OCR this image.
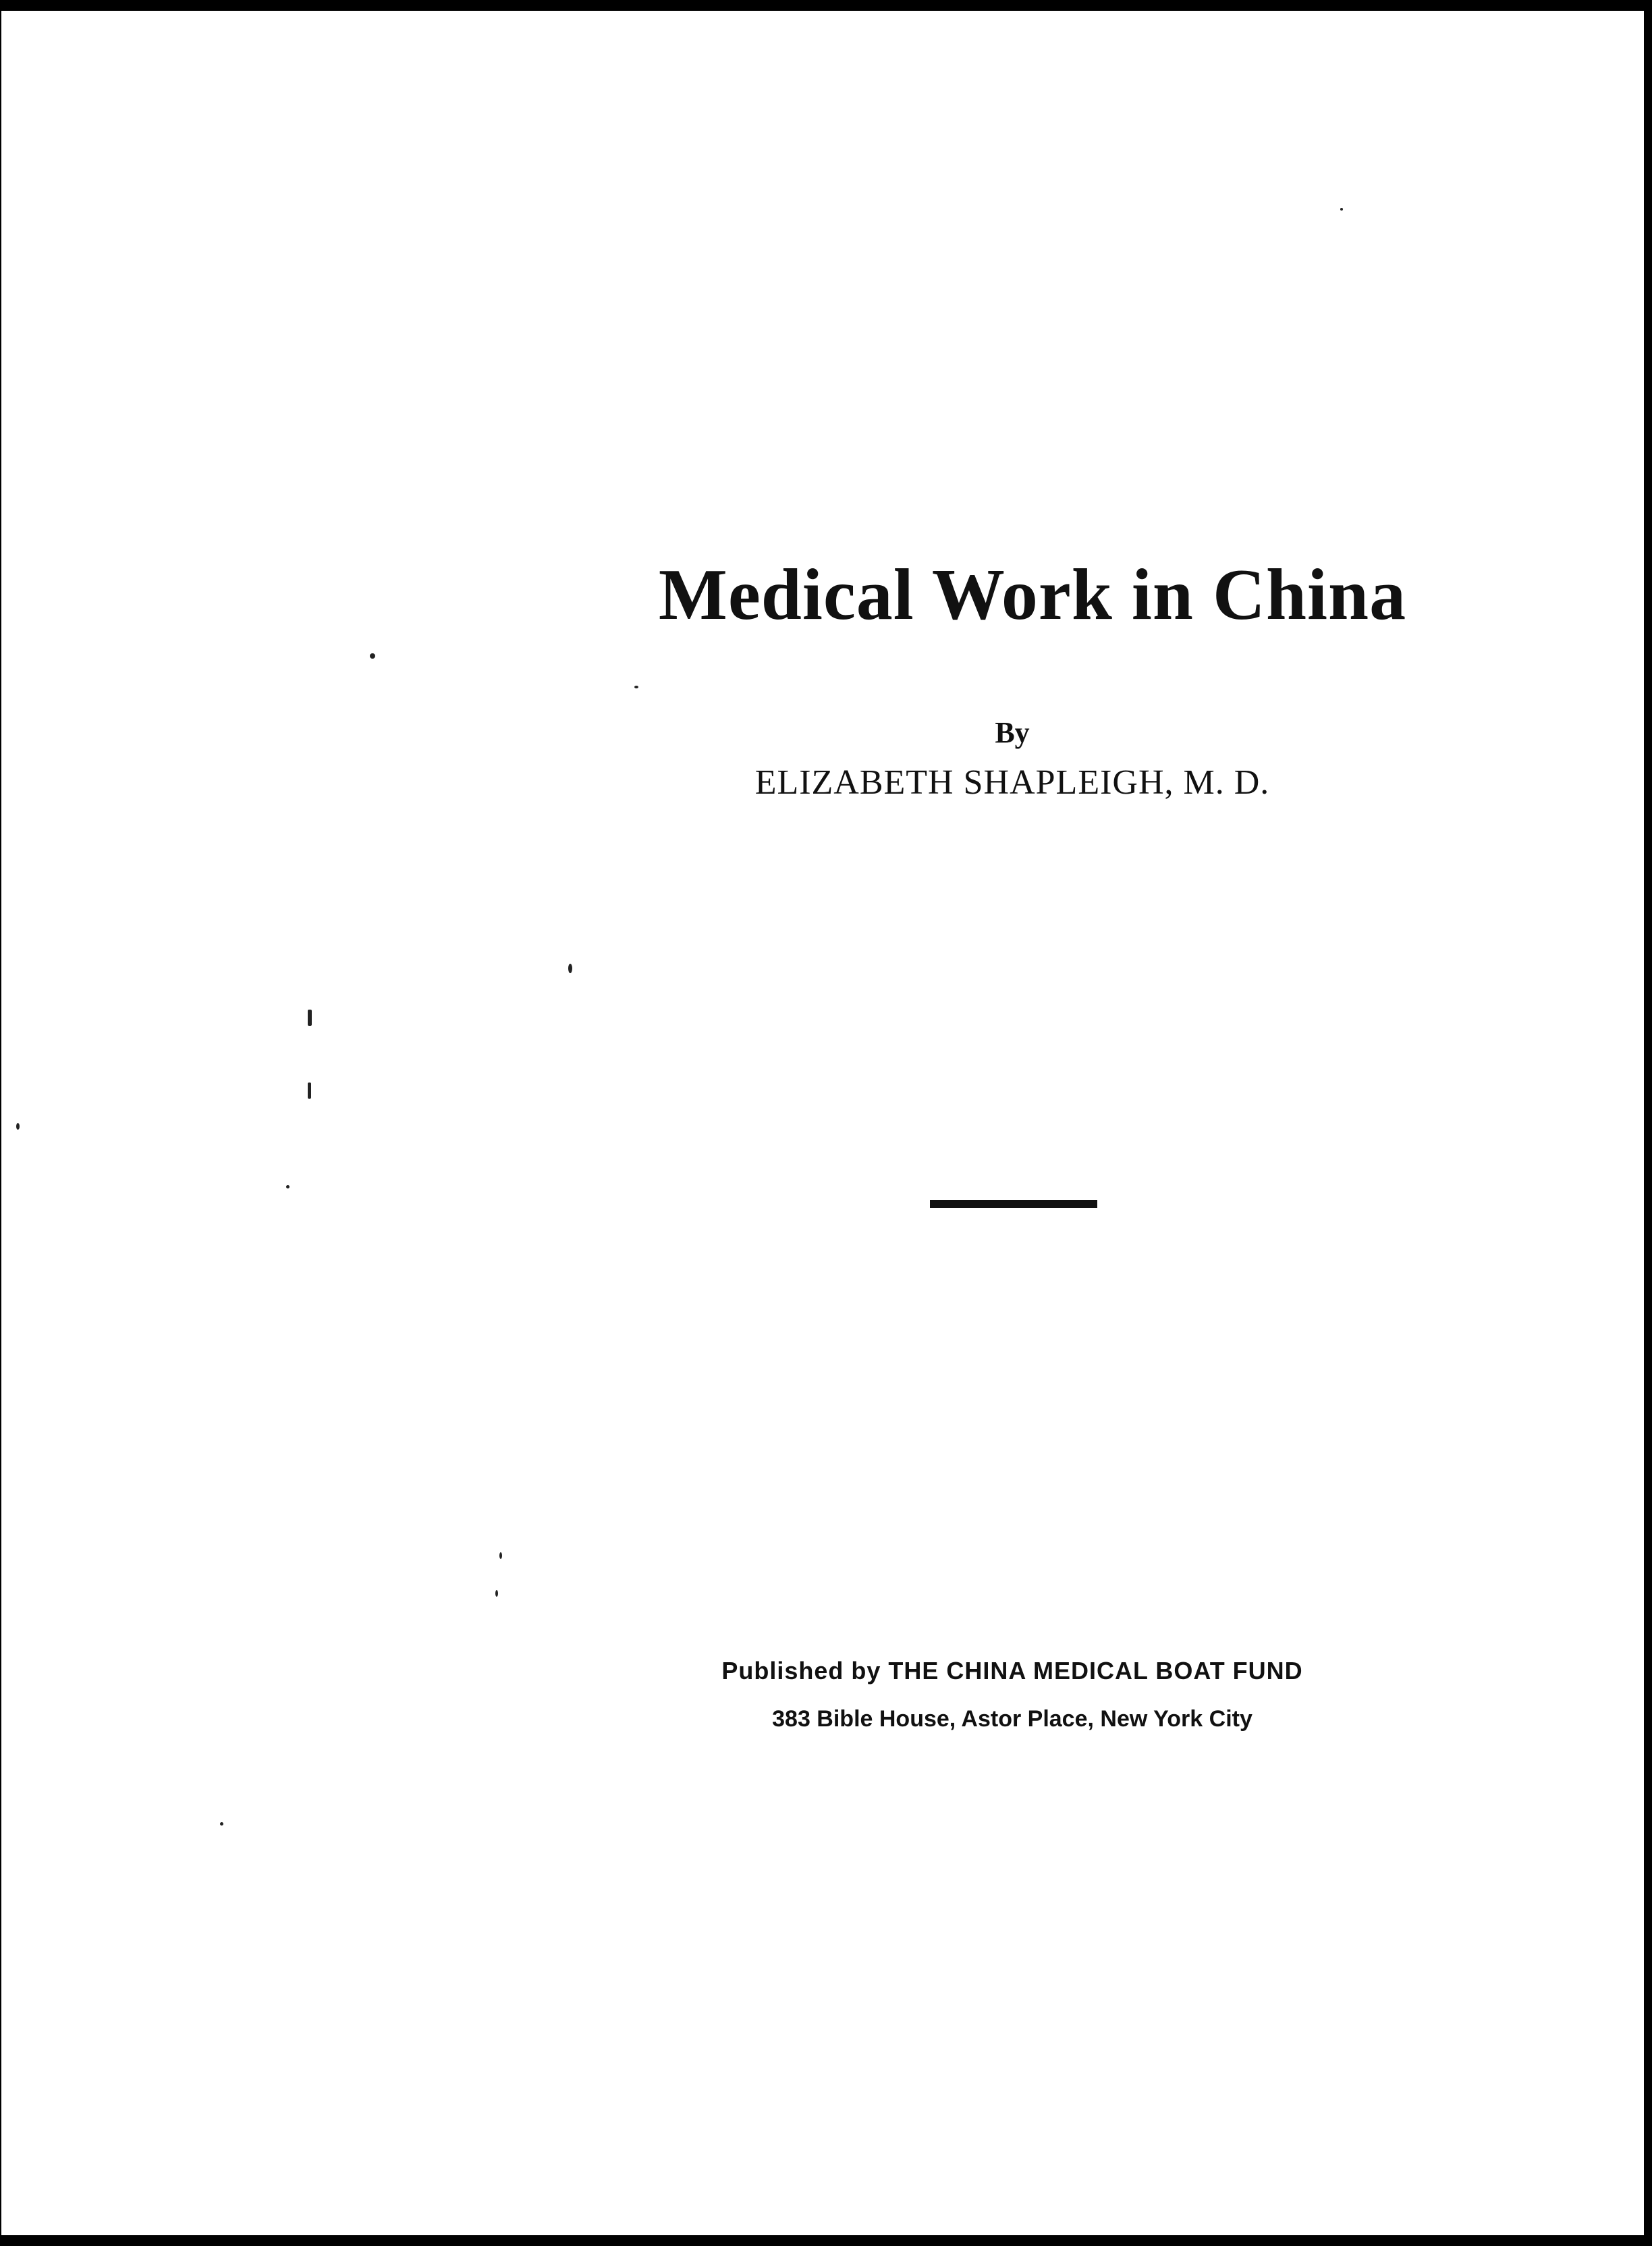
Medical Work in China
By
ELIZABETH SHAPLEIGH, M. D.
Published by THE CHINA MEDICAL BOAT FUND
383 Bible House, Astor Place, New York City
